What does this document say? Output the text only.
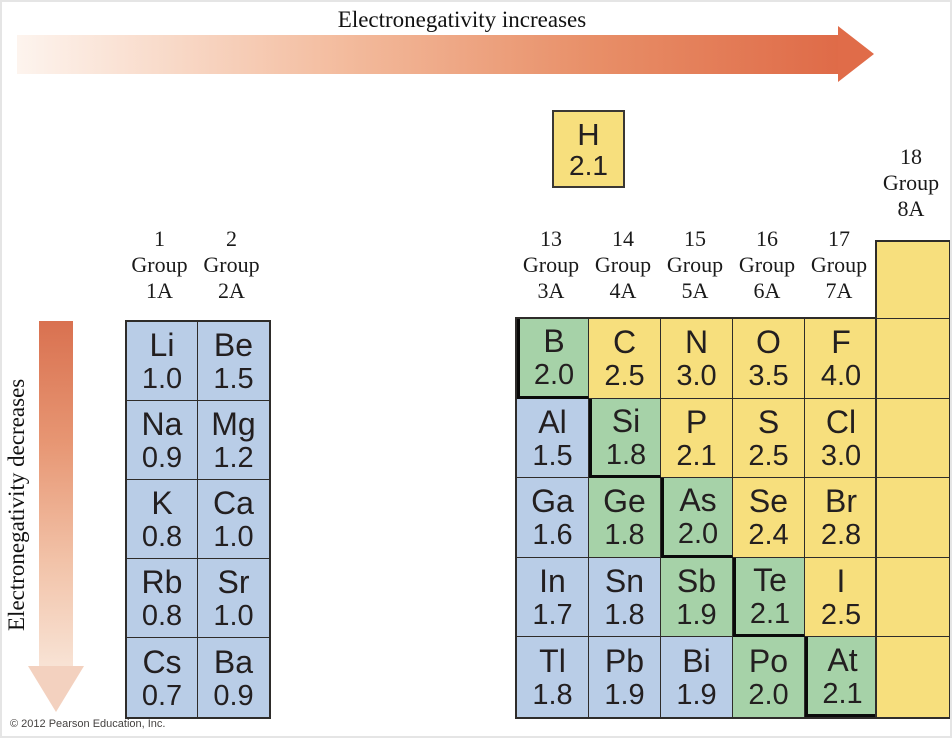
Electronegativity increases
Electronegativity decreases
H
2.1
1
Group
1A
2
Group
2A
13
Group
3A
14
Group
4A
15
Group
5A
16
Group
6A
17
Group
7A
18
Group
8A
Li
1.0
Be
1.5
Na
0.9
Mg
1.2
K
0.8
Ca
1.0
Rb
0.8
Sr
1.0
Cs
0.7
Ba
0.9
B
2.0
C
2.5
N
3.0
O
3.5
F
4.0
Al
1.5
Si
1.8
P
2.1
S
2.5
Cl
3.0
Ga
1.6
Ge
1.8
As
2.0
Se
2.4
Br
2.8
In
1.7
Sn
1.8
Sb
1.9
Te
2.1
I
2.5
Tl
1.8
Pb
1.9
Bi
1.9
Po
2.0
At
2.1
© 2012 Pearson Education, Inc.
